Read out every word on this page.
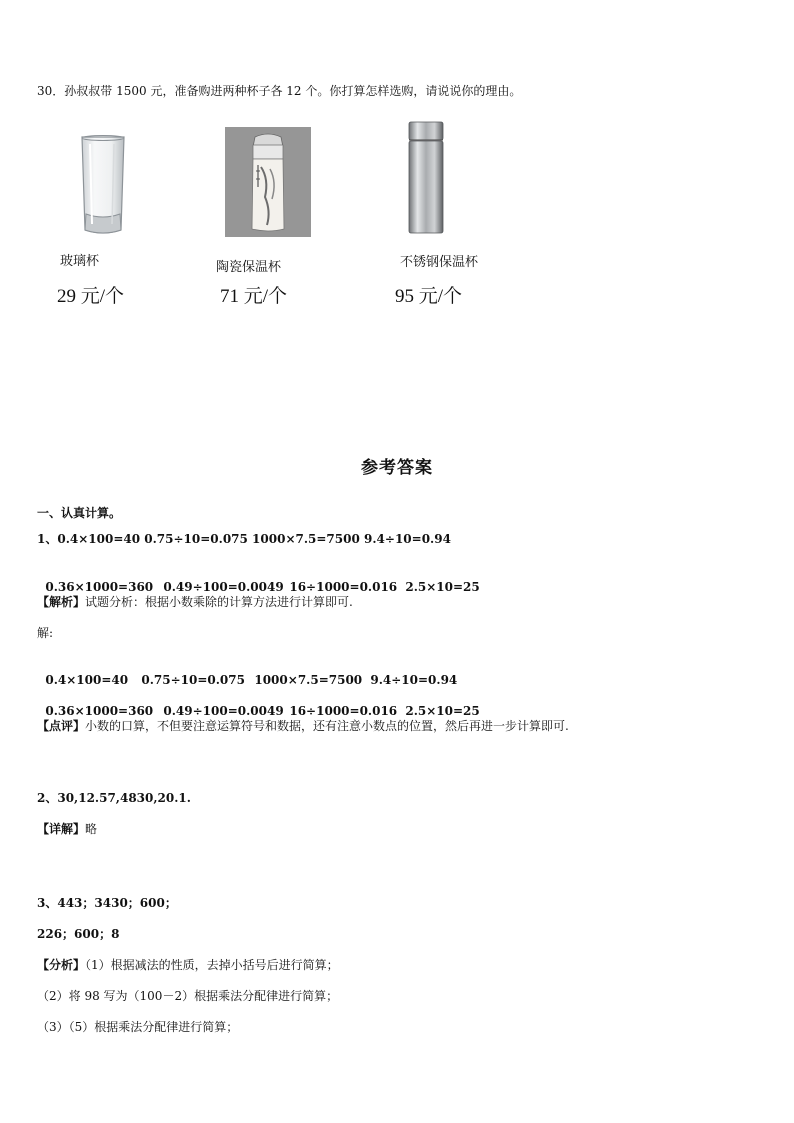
30．孙叔叔带 1500 元，准备购进两种杯子各 12 个。你打算怎样选购，请说说你的理由。
玻璃杯
29 元/个
陶瓷保温杯
71 元/个
不锈钢保温杯
95 元/个
参考答案
一、认真计算。
1、0.4×100=40 0.75÷10=0.075 1000×7.5=7500 9.4÷10=0.94

0.36×1000=360 0.49÷100=0.0049 16÷1000=0.016 2.5×10=25

【解析】试题分析：根据小数乘除的计算方法进行计算即可.
解:

0.4×100=40 0.75÷10=0.075 1000×7.5=7500 9.4÷10=0.94

0.36×1000=360 0.49÷100=0.0049 16÷1000=0.016 2.5×10=25

【点评】小数的口算，不但要注意运算符号和数据，还有注意小数点的位置，然后再进一步计算即可.
2、30,12.57,4830,20.1.
【详解】略
3、443；3430；600；
226；600；8
【分析】（1）根据减法的性质，去掉小括号后进行简算；
（2）将 98 写为（100－2）根据乘法分配律进行简算；
（3）（5）根据乘法分配律进行简算；
